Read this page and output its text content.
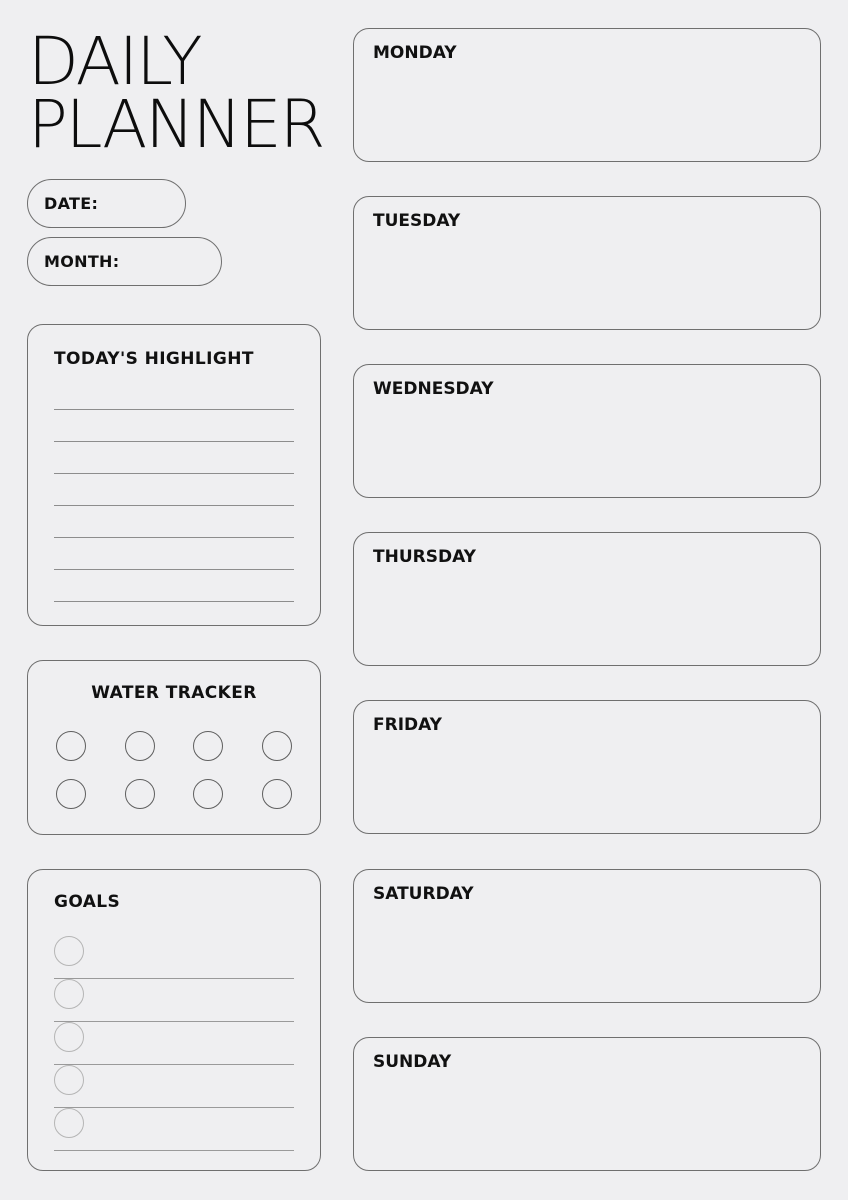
DAILY
PLANNER
DATE:
MONTH:
TODAY'S HIGHLIGHT
WATER TRACKER
GOALS
MONDAY
TUESDAY
WEDNESDAY
THURSDAY
FRIDAY
SATURDAY
SUNDAY
